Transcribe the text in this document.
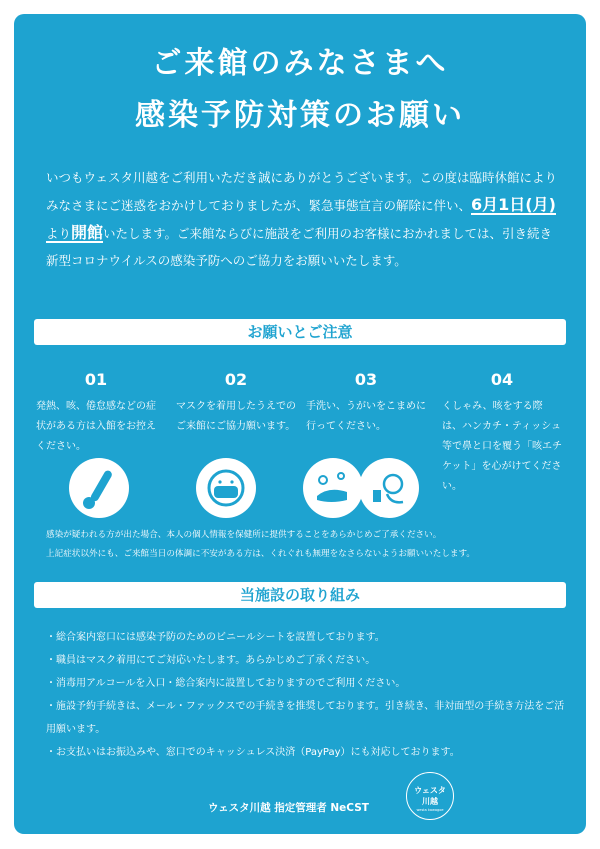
ご来館のみなさまへ
感染予防対策のお願い
いつもウェスタ川越をご利用いただき誠にありがとうございます。この度は臨時休館によりみなさまにご迷惑をおかけしておりましたが、緊急事態宣言の解除に伴い、6月1日(月)より開館いたします。ご来館ならびに施設をご利用のお客様におかれましては、引き続き新型コロナウイルスの感染予防へのご協力をお願いいたします。
お願いとご注意
01
発熱、咳、倦怠感などの症状がある方は入館をお控えください。
02
マスクを着用したうえでのご来館にご協力願います。
03
手洗い、うがいをこまめに行ってください。
04
くしゃみ、咳をする際は、ハンカチ・ティッシュ等で鼻と口を覆う「咳エチケット」を心がけてください。
感染が疑われる方が出た場合、本人の個人情報を保健所に提供することをあらかじめご了承ください。
上記症状以外にも、ご来館当日の体調に不安がある方は、くれぐれも無理をなさらないようお願いいたします。
当施設の取り組み
・総合案内窓口には感染予防のためのビニールシートを設置しております。
・職員はマスク着用にてご対応いたします。あらかじめご了承ください。
・消毒用アルコールを入口・総合案内に設置しておりますのでご利用ください。
・施設予約手続きは、メール・ファックスでの手続きを推奨しております。引き続き、非対面型の手続き方法をご活用願います。
・お支払いはお振込みや、窓口でのキャッシュレス決済（PayPay）にも対応しております。
ウェスタ川越 指定管理者 NeCST
ウェスタ
川越
westa kawagoe
